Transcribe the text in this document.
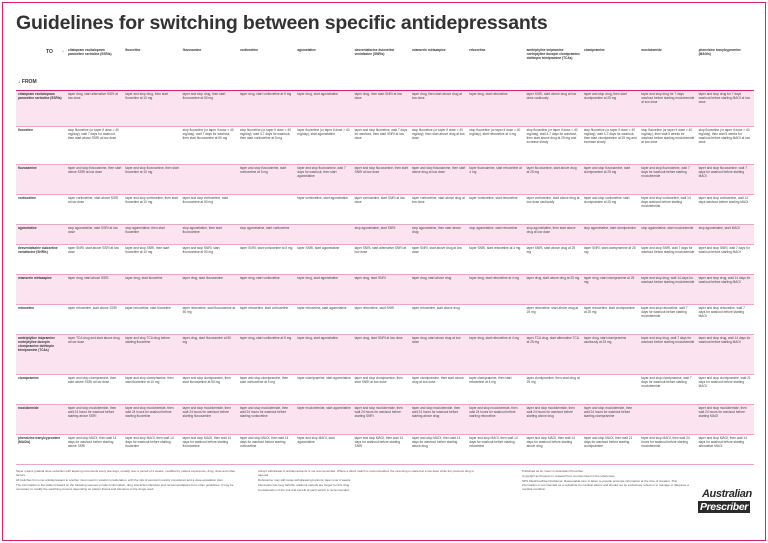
Guidelines for switching between specific antidepressants
TO →
↓ FROM	citalopram escitalopram paroxetine sertraline (SSRIs)	fluoxetine	fluvoxamine	vortioxetine	agomelatine	desvenlafaxine duloxetine venlafaxine (SNRIs)	mianserin mirtazapine	reboxetine	amitriptyline imipramine nortriptyline doxepin clomipramine dothiepin trimipramine (TCAs)	clomipramine	moclobemide	phenelzine tranylcypromine (MAOIs)
citalopram escitalopram paroxetine sertraline (SSRIs)	taper drug, start alternative SSRI at low dose	taper and stop drug, then start fluoxetine at 10 mg	taper and stop drug, then start fluvoxamine at 50 mg	taper drug, start vortioxetine at 5 mg	taper drug, start agomelatine	taper drug, then start SNRI at low dose	taper drug, then start above drug at low dose	taper drug, start reboxetine	taper SSRI, start above drug at low dose cautiously	taper and stop drug, then start clomipramine at 25 mg	taper and stop drug for 7 days washout before starting moclobemide at low dose	taper and stop drug for 7 days washout before starting MAOI at low dose
fluoxetine	stop fluoxetine (or taper if dose > 40 mg/day), wait 7 days for washout, then start above SSRI at low dose		stop fluoxetine (or taper if dose > 40 mg/day), wait 7 days for washout, then start fluvoxamine at 50 mg	stop fluoxetine (or taper if dose > 40 mg/day), wait 4-7 days for washout, then start vortioxetine at 5 mg	taper fluoxetine (or taper if dose > 40 mg/day), start agomelatine	taper and stop fluoxetine, wait 7 days for washout, then start SNRI at low dose	stop fluoxetine (or taper if dose > 40 mg/day), then start above drug at low dose	stop fluoxetine (or taper if dose > 40 mg/day), start reboxetine at 4 mg	stop fluoxetine (or taper if dose > 40 mg/day), wait 4-7 days for washout, then start above drug at 25 mg and increase slowly	stop fluoxetine (or taper if dose > 40 mg/day), wait 4-7 days for washout, then start clomipramine at 25 mg and increase slowly	stop fluoxetine (or taper if dose > 40 mg/day), then wait 5 weeks for washout before starting moclobemide at low dose	stop fluoxetine (or taper if dose > 40 mg/day), then wait 5 weeks for washout before starting MAOI at low dose
fluvoxamine	taper and stop fluvoxamine, then start above SSRI at low dose	taper and stop fluvoxamine, then start fluoxetine at 10 mg		taper and stop fluvoxamine, start vortioxetine at 5 mg	taper and stop fluvoxamine, wait 7 days for washout, then start agomelatine	taper and stop fluvoxamine, then start SNRI at low dose	taper and stop fluvoxamine, then start above drug at low dose	taper fluvoxamine, start reboxetine at 4 mg	taper fluvoxamine, start above drug at 25 mg	taper and stop fluvoxamine, start clomipramine at 25 mg	taper and stop fluvoxamine, wait 7 days for washout before starting moclobemide	taper and stop fluvoxamine, wait 7 days for washout before starting MAOI
vortioxetine	taper vortioxetine, start above SSRI at low dose	taper and stop vortioxetine, then start fluoxetine at 10 mg	taper and stop vortioxetine, start fluvoxamine at 50 mg		taper vortioxetine, start agomelatine	taper vortioxetine, start SNRI at low dose	taper vortioxetine, start above drug at low dose	taper vortioxetine, start reboxetine	taper vortioxetine, start above drug at low dose cautiously	taper and stop vortioxetine, start clomipramine at 25 mg	taper and stop vortioxetine, wait 14 days washout before starting moclobemide	taper and stop vortioxetine, wait 14 days washout before starting MAOI
agomelatine	stop agomelatine, start SSRI at low dose	stop agomelatine, then start fluoxetine	stop agomelatine, then start fluvoxamine	stop agomelatine, start vortioxetine		stop agomelatine, start SNRI	stop agomelatine, then start above drug	stop agomelatine, start reboxetine	stop agomelatine, then start above drug at low dose	stop agomelatine, start clomipramine	stop agomelatine, start moclobemide	stop agomelatine, start MAOI
desvenlafaxine duloxetine venlafaxine (SNRIs)	taper SNRI, start above SSRI at low dose	taper and stop SNRI, then start fluoxetine at 10 mg	taper and stop SNRI, start fluvoxamine at 50 mg	taper SNRI, start vortioxetine at 5 mg	taper SNRI, start agomelatine	taper SNRI, start alternative SNRI at low dose	taper SNRI, start above drug at low dose	taper SNRI, start reboxetine at 4 mg	taper SNRI, start above drug at 25 mg	taper SNRI, start clomipramine at 25 mg	taper and stop SNRI, wait 7 days for washout before starting moclobemide	taper and stop SNRI, wait 7 days for washout before starting MAOI
mianserin mirtazapine	taper drug, start above SSRI	taper drug, start fluoxetine	taper drug, start fluvoxamine	taper drug, start vortioxetine	taper drug, start agomelatine	taper drug, start SNRI	taper drug, start above drug	taper drug, start reboxetine at 4 mg	taper drug, start above drug at 25 mg	taper drug, start clomipramine at 25 mg	taper and stop drug, wait 14 days for washout before starting moclobemide	taper and stop drug, wait 14 days for washout before starting MAOI
reboxetine	taper reboxetine, start above SSRI	taper reboxetine, start fluoxetine	taper reboxetine, start fluvoxamine at 50 mg	taper reboxetine, start vortioxetine	taper reboxetine, start agomelatine	taper reboxetine, start SNRI	taper reboxetine, start above drug		taper reboxetine, start above drug at 25 mg	taper reboxetine, start clomipramine at 25 mg	taper and stop reboxetine, wait 7 days for washout before starting moclobemide	taper and stop reboxetine, wait 7 days for washout before starting MAOI
amitriptyline imipramine nortriptyline doxepin clomipramine dothiepin trimipramine (TCAs)	taper TCA drug and start above drug at low dose	taper and stop TCA drug before starting fluoxetine	taper drug, start fluvoxamine at 50 mg	taper drug, start vortioxetine at 5 mg	taper drug, start agomelatine	taper drug, start SNRI at low dose	taper drug, start above drug at low dose	taper drug, start reboxetine at 4 mg	taper TCA drug, start alternative TCA at 25 mg	taper drug, start clomipramine cautiously at 25 mg	taper and stop drug, wait 7 days for washout before starting moclobemide	taper and stop drug, wait 14 days for washout before starting MAOI
clomipramine	taper and stop clomipramine, then start above SSRI at low dose	taper and stop clomipramine, then start fluoxetine at 10 mg	taper and stop clomipramine, then start fluvoxamine at 50 mg	taper and stop clomipramine, then start vortioxetine at 5 mg	taper clomipramine, start agomelatine	taper and stop clomipramine, then start SNRI at low dose	taper clomipramine, then start above drug at low dose	taper clomipramine, then start reboxetine at 4 mg	taper clomipramine, then start drug at 25 mg		taper and stop clomipramine, wait 7 days for washout before starting moclobemide	taper and stop clomipramine, wait 21 days for washout before starting MAOI
moclobemide	taper and stop moclobemide, then wait 24 hours for washout before starting above SSRI	taper and stop moclobemide, then wait 24 hours for washout before starting fluoxetine	taper and stop moclobemide, then wait 24 hours for washout before starting fluvoxamine	taper and stop moclobemide, then wait 24 hours for washout before starting vortioxetine	taper moclobemide, start agomelatine	taper and stop moclobemide, then wait 24 hours for washout before starting SNRI	taper and stop moclobemide, then wait 24 hours for washout before starting above drug	taper and stop moclobemide, then wait 24 hours for washout before starting reboxetine	taper and stop moclobemide, then wait 24 hours for washout before starting above drug	taper and stop moclobemide, then wait 24 hours for washout before starting clomipramine		taper and stop moclobemide, then wait 24 hours for washout before starting MAOI
phenelzine tranylcypromine (MAOIs)	taper and stop MAOI, then wait 14 days for washout before starting above SSRI	taper and stop MAOI, then wait 14 days for washout before starting fluoxetine	taper and stop MAOI, then wait 14 days for washout before starting fluvoxamine	taper and stop MAOI, then wait 14 days for washout before starting vortioxetine	taper and stop MAOI, start agomelatine	taper and stop MAOI, then wait 14 days for washout before starting SNRI	taper and stop MAOI, then wait 14 days for washout before starting above drug	taper and stop MAOI, then wait 14 days for washout before starting reboxetine	taper and stop MAOI, then wait 14 days for washout before starting above drug	taper and stop MAOI, then wait 21 days for washout before starting clomipramine	taper and stop MAOI, then wait 24 hours for washout before starting moclobemide	taper and stop MAOI, then wait 14 days for washout before starting alternative MAOI

Taper means gradual dose reduction with tapering increments every few days, usually over a period of 4 weeks, modified by patient experience, drug, dose and other factors.

All switches from one antidepressant to another must result in careful consideration, with the risk of serotonin toxicity considered and a dose-escalation plan.

The information in this table is based on the following sources: product information, drug interaction literature and recommendations from other guidelines. It may be necessary to modify the switching process depending on patient illness and tolerance to the drugs used.

Abrupt withdrawal of antidepressants is not recommended. Where a direct switch is recommended, the new drug is started at a low dose while the previous drug is tapered.

Reboxetine may still cause withdrawal symptoms; taper over 2 weeks.

Fluoxetine has long half-life; washout periods are longer for this drug.

Consideration of the risk and benefit of each switch is recommended.

Published as an insert in Australian Prescriber.

Copyright and based on material from sources listed in the references.

NPS MedicineWise Disclaimer: Reasonable care is taken to provide accurate information at the time of creation. This information is not intended as a substitute for medical advice and should not be exclusively relied on to manage or diagnose a medical condition.	Australian
Prescriber
